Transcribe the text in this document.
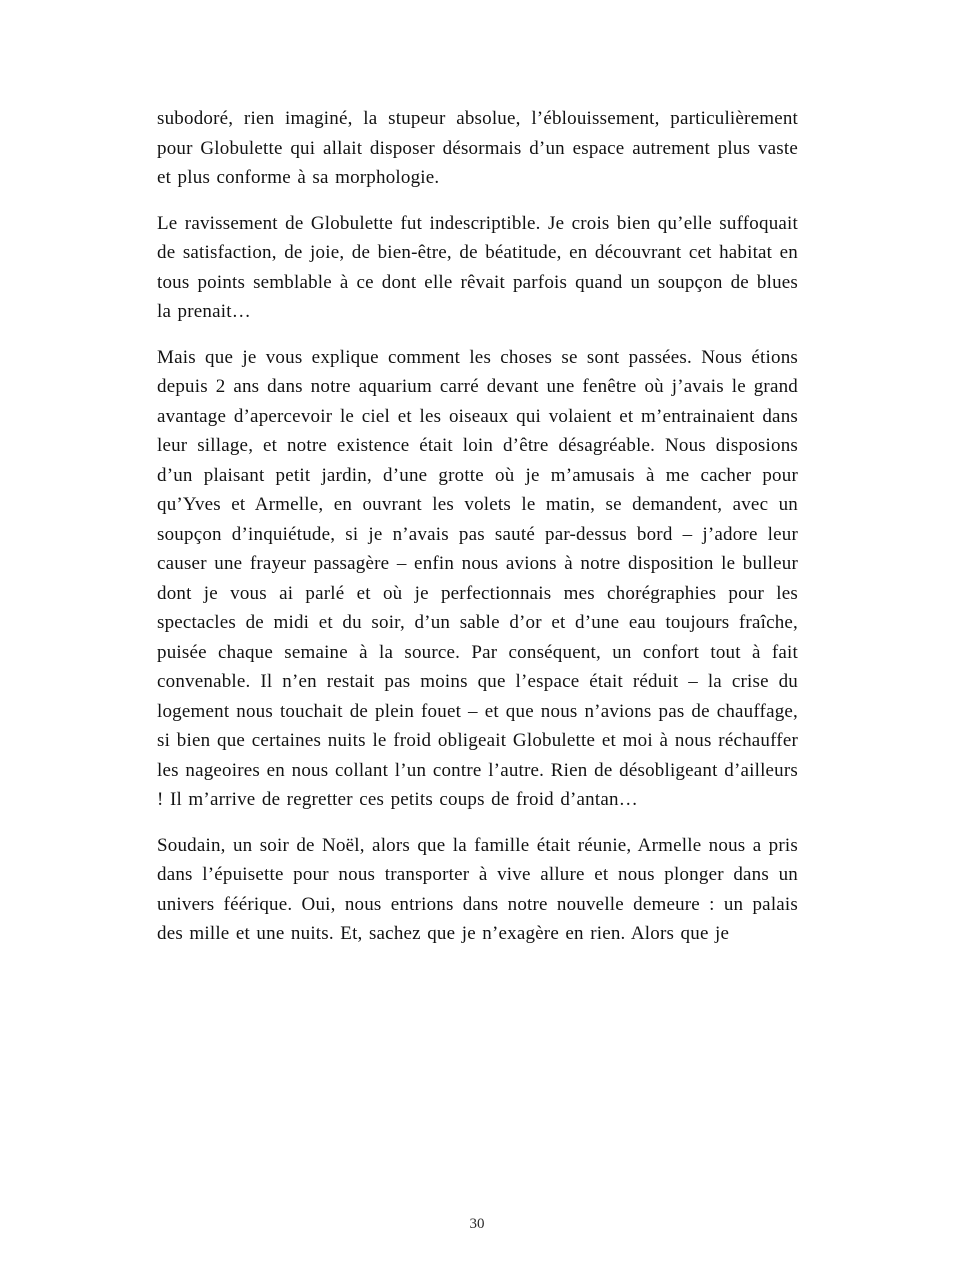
subodoré, rien imaginé, la stupeur absolue, l’éblouissement, particulièrement pour Globulette qui allait disposer désormais d’un espace autrement plus vaste et plus conforme à sa morphologie.

Le ravissement de Globulette fut indescriptible. Je crois bien qu’elle suffoquait de satisfaction, de joie, de bien-être, de béatitude, en découvrant cet habitat en tous points semblable à ce dont elle rêvait parfois quand un soupçon de blues la prenait…

Mais que je vous explique comment les choses se sont passées. Nous étions depuis 2 ans dans notre aquarium carré devant une fenêtre où j’avais le grand avantage d’apercevoir le ciel et les oiseaux qui volaient et m’entrainaient dans leur sillage, et notre existence était loin d’être désagréable. Nous disposions d’un plaisant petit jardin, d’une grotte où je m’amusais à me cacher pour qu’Yves et Armelle, en ouvrant les volets le matin, se demandent, avec un soupçon d’inquiétude, si je n’avais pas sauté par-dessus bord – j’adore leur causer une frayeur passagère – enfin nous avions à notre disposition le bulleur dont je vous ai parlé et où je perfectionnais mes chorégraphies pour les spectacles de midi et du soir, d’un sable d’or et d’une eau toujours fraîche, puisée chaque semaine à la source. Par conséquent, un confort tout à fait convenable. Il n’en restait pas moins que l’espace était réduit – la crise du logement nous touchait de plein fouet – et que nous n’avions pas de chauffage, si bien que certaines nuits le froid obligeait Globulette et moi à nous réchauffer les nageoires en nous collant l’un contre l’autre. Rien de désobligeant d’ailleurs ! Il m’arrive de regretter ces petits coups de froid d’antan…

Soudain, un soir de Noël, alors que la famille était réunie, Armelle nous a pris dans l’épuisette pour nous transporter à vive allure et nous plonger dans un univers féérique. Oui, nous entrions dans notre nouvelle demeure : un palais des mille et une nuits. Et, sachez que je n’exagère en rien. Alors que je

30
